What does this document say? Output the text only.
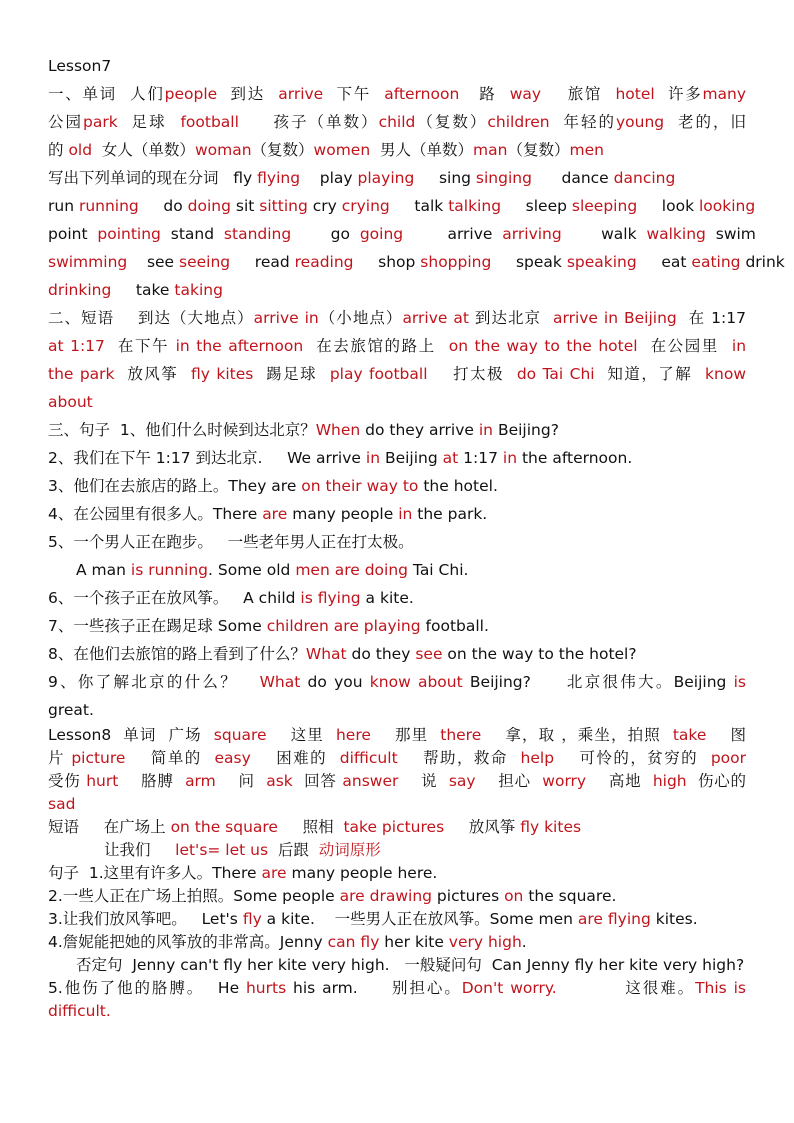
Lesson7
一、单词  人们people  到达  arrive  下午  afternoon   路  way    旅馆  hotel  许多many
公园park  足球  football     孩子（单数）child（复数）children  年轻的young  老的，旧
的 old  女人（单数）woman（复数）women  男人（单数）man（复数）men
写出下列单词的现在分词   fly flying    play playing     sing singing      dance dancing
run running     do doing sit sitting cry crying     talk talking     sleep sleeping     look looking
point  pointing  stand  standing        go  going         arrive  arriving        walk  walking  swim
swimming    see seeing     read reading     shop shopping     speak speaking     eat eating drink
drinking     take taking
二、短语    到达（大地点）arrive in（小地点）arrive at 到达北京  arrive in Beijing  在 1:17
at 1:17  在下午 in the afternoon  在去旅馆的路上  on the way to the hotel  在公园里  in
the park  放风筝  fly kites  踢足球  play football    打太极  do Tai Chi  知道，了解  know
about
三、句子  1、他们什么时候到达北京？When do they arrive in Beijing?
2、我们在下午 1:17 到达北京.     We arrive in Beijing at 1:17 in the afternoon.
3、他们在去旅店的路上。They are on their way to the hotel.
4、在公园里有很多人。There are many people in the park.
5、一个男人正在跑步。   一些老年男人正在打太极。
A man is running. Some old men are doing Tai Chi.
6、一个孩子正在放风筝。   A child is flying a kite.
7、一些孩子正在踢足球 Some children are playing football.
8、在他们去旅馆的路上看到了什么？What do they see on the way to the hotel?
9、你了解北京的什么？   What do you know about Beijing?     北京很伟大。Beijing is
great.
Lesson8  单词  广场  square    这里  here    那里  there    拿，取 ，乘坐，拍照  take    图
片 picture    简单的  easy    困难的  difficult    帮助，救命  help    可怜的，贫穷的  poor
受伤 hurt    胳膊  arm    问  ask  回答 answer    说  say    担心  worry    高地  high  伤心的
sad
短语     在广场上 on the square     照相  take pictures     放风筝 fly kites
让我们     let's= let us  后跟  动词原形
句子  1.这里有许多人。There are many people here.
2.一些人正在广场上拍照。Some people are drawing pictures on the square.
3.让我们放风筝吧。   Let's fly a kite.    一些男人正在放风筝。Some men are flying kites.
4.詹妮能把她的风筝放的非常高。Jenny can fly her kite very high.
否定句  Jenny can't fly her kite very high.   一般疑问句  Can Jenny fly her kite very high?
5.他伤了他的胳膊。  He hurts his arm.     别担心。Don't worry.          这很难。This is
difficult.
